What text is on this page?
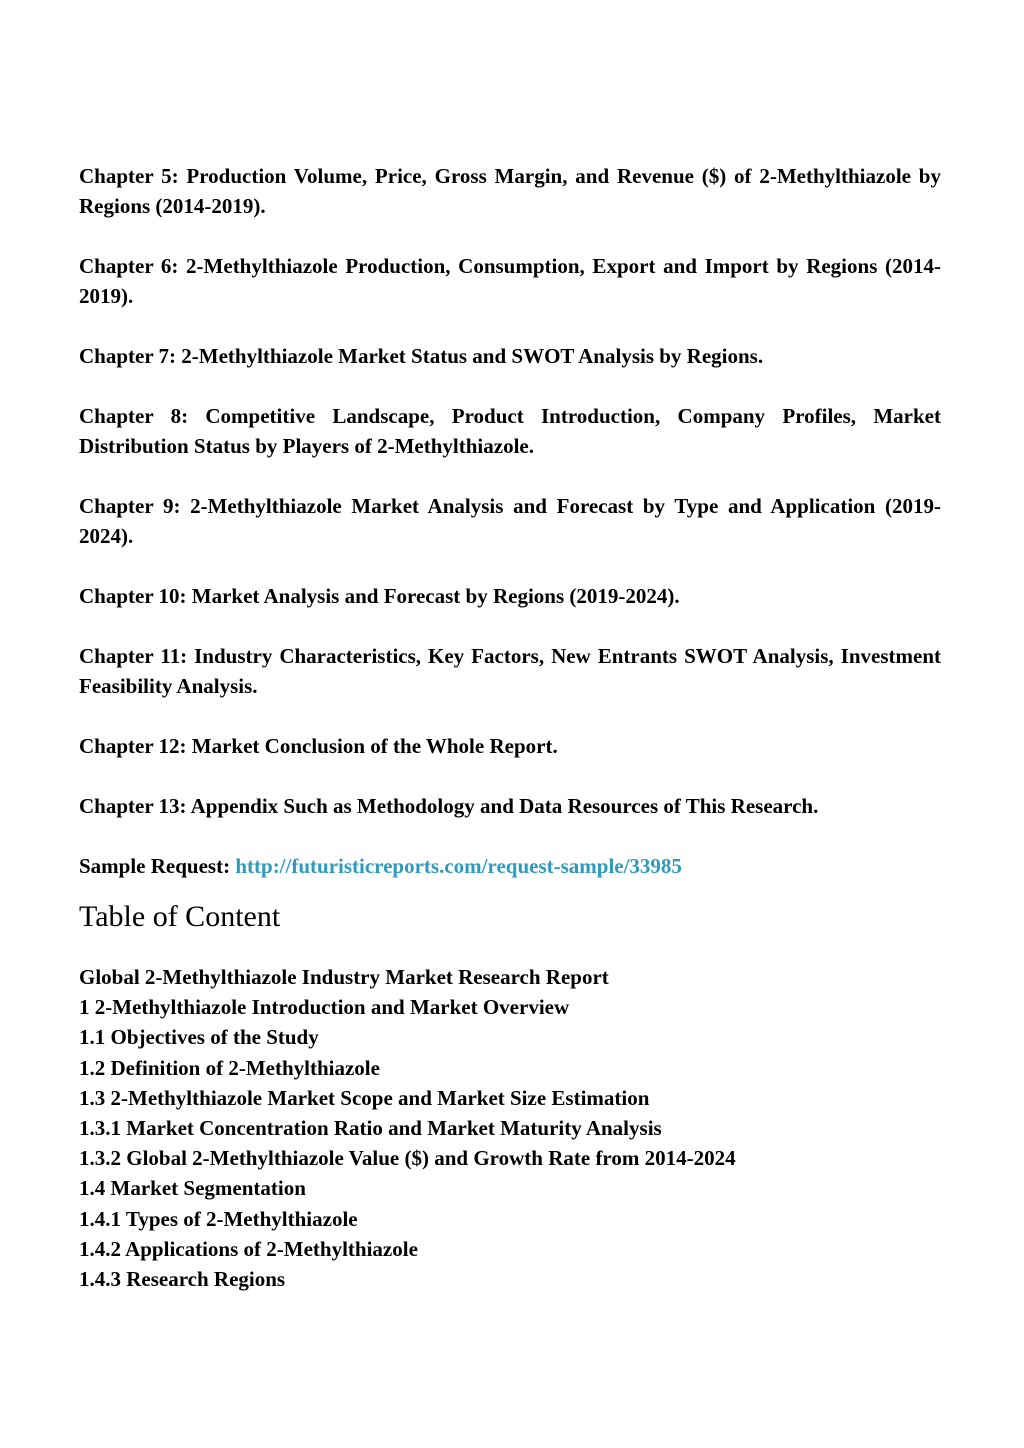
Chapter 5: Production Volume, Price, Gross Margin, and Revenue ($) of 2-Methylthiazole by Regions (2014-2019).

Chapter 6: 2-Methylthiazole Production, Consumption, Export and Import by Regions (2014-2019).

Chapter 7: 2-Methylthiazole Market Status and SWOT Analysis by Regions.

Chapter 8: Competitive Landscape, Product Introduction, Company Profiles, Market Distribution Status by Players of 2-Methylthiazole.

Chapter 9: 2-Methylthiazole Market Analysis and Forecast by Type and Application (2019-2024).

Chapter 10: Market Analysis and Forecast by Regions (2019-2024).

Chapter 11: Industry Characteristics, Key Factors, New Entrants SWOT Analysis, Investment Feasibility Analysis.

Chapter 12: Market Conclusion of the Whole Report.

Chapter 13: Appendix Such as Methodology and Data Resources of This Research.

Sample Request: http://futuristicreports.com/request-sample/33985

Table of Content
Global 2-Methylthiazole Industry Market Research Report
1 2-Methylthiazole Introduction and Market Overview
1.1 Objectives of the Study
1.2 Definition of 2-Methylthiazole
1.3 2-Methylthiazole Market Scope and Market Size Estimation
1.3.1 Market Concentration Ratio and Market Maturity Analysis
1.3.2 Global 2-Methylthiazole Value ($) and Growth Rate from 2014-2024
1.4 Market Segmentation
1.4.1 Types of 2-Methylthiazole
1.4.2 Applications of 2-Methylthiazole
1.4.3 Research Regions
